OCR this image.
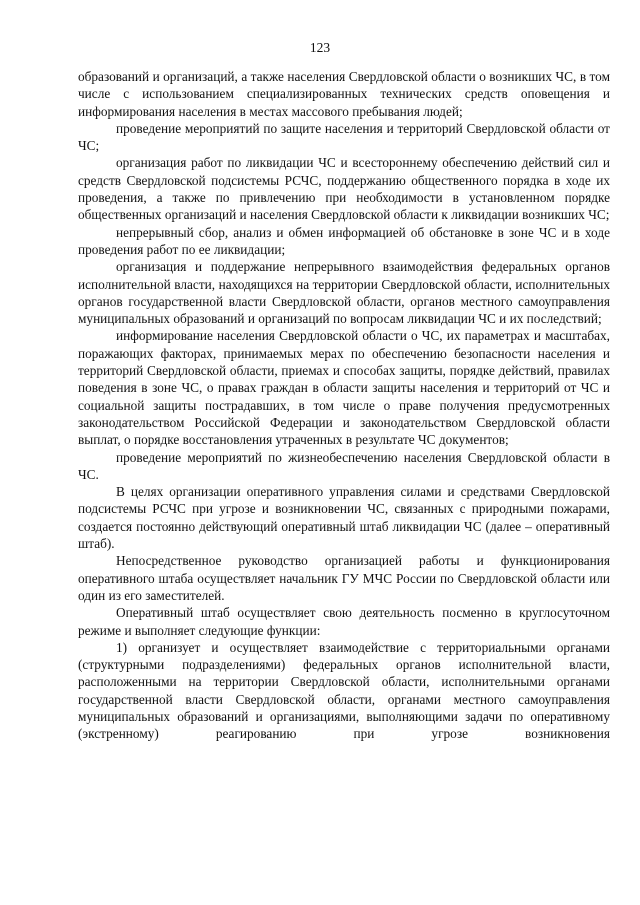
123

образований и организаций, а также населения Свердловской области о возникших ЧС, в том числе с использованием специализированных технических средств оповещения и информирования населения в местах массового пребывания людей;

проведение мероприятий по защите населения и территорий Свердловской области от ЧС;

организация работ по ликвидации ЧС и всестороннему обеспечению действий сил и средств Свердловской подсистемы РСЧС, поддержанию общественного порядка в ходе их проведения, а также по привлечению при необходимости в установленном порядке общественных организаций и населения Свердловской области к ликвидации возникших ЧС;

непрерывный сбор, анализ и обмен информацией об обстановке в зоне ЧС и в ходе проведения работ по ее ликвидации;

организация и поддержание непрерывного взаимодействия федеральных органов исполнительной власти, находящихся на территории Свердловской области, исполнительных органов государственной власти Свердловской области, органов местного самоуправления муниципальных образований и организаций по вопросам ликвидации ЧС и их последствий;

информирование населения Свердловской области о ЧС, их параметрах и масштабах, поражающих факторах, принимаемых мерах по обеспечению безопасности населения и территорий Свердловской области, приемах и способах защиты, порядке действий, правилах поведения в зоне ЧС, о правах граждан в области защиты населения и территорий от ЧС и социальной защиты пострадавших, в том числе о праве получения предусмотренных законодательством Российской Федерации и законодательством Свердловской области выплат, о порядке восстановления утраченных в результате ЧС документов;

проведение мероприятий по жизнеобеспечению населения Свердловской области в ЧС.

В целях организации оперативного управления силами и средствами Свердловской подсистемы РСЧС при угрозе и возникновении ЧС, связанных с природными пожарами, создается постоянно действующий оперативный штаб ликвидации ЧС (далее – оперативный штаб).

Непосредственное руководство организацией работы и функционирования оперативного штаба осуществляет начальник ГУ МЧС России по Свердловской области или один из его заместителей.

Оперативный штаб осуществляет свою деятельность посменно в круглосуточном режиме и выполняет следующие функции:

1) организует и осуществляет взаимодействие с территориальными органами (структурными подразделениями) федеральных органов исполнительной власти, расположенными на территории Свердловской области, исполнительными органами государственной власти Свердловской области, органами местного самоуправления муниципальных образований и организациями, выполняющими задачи по оперативному (экстренному) реагированию при угрозе возникновения
